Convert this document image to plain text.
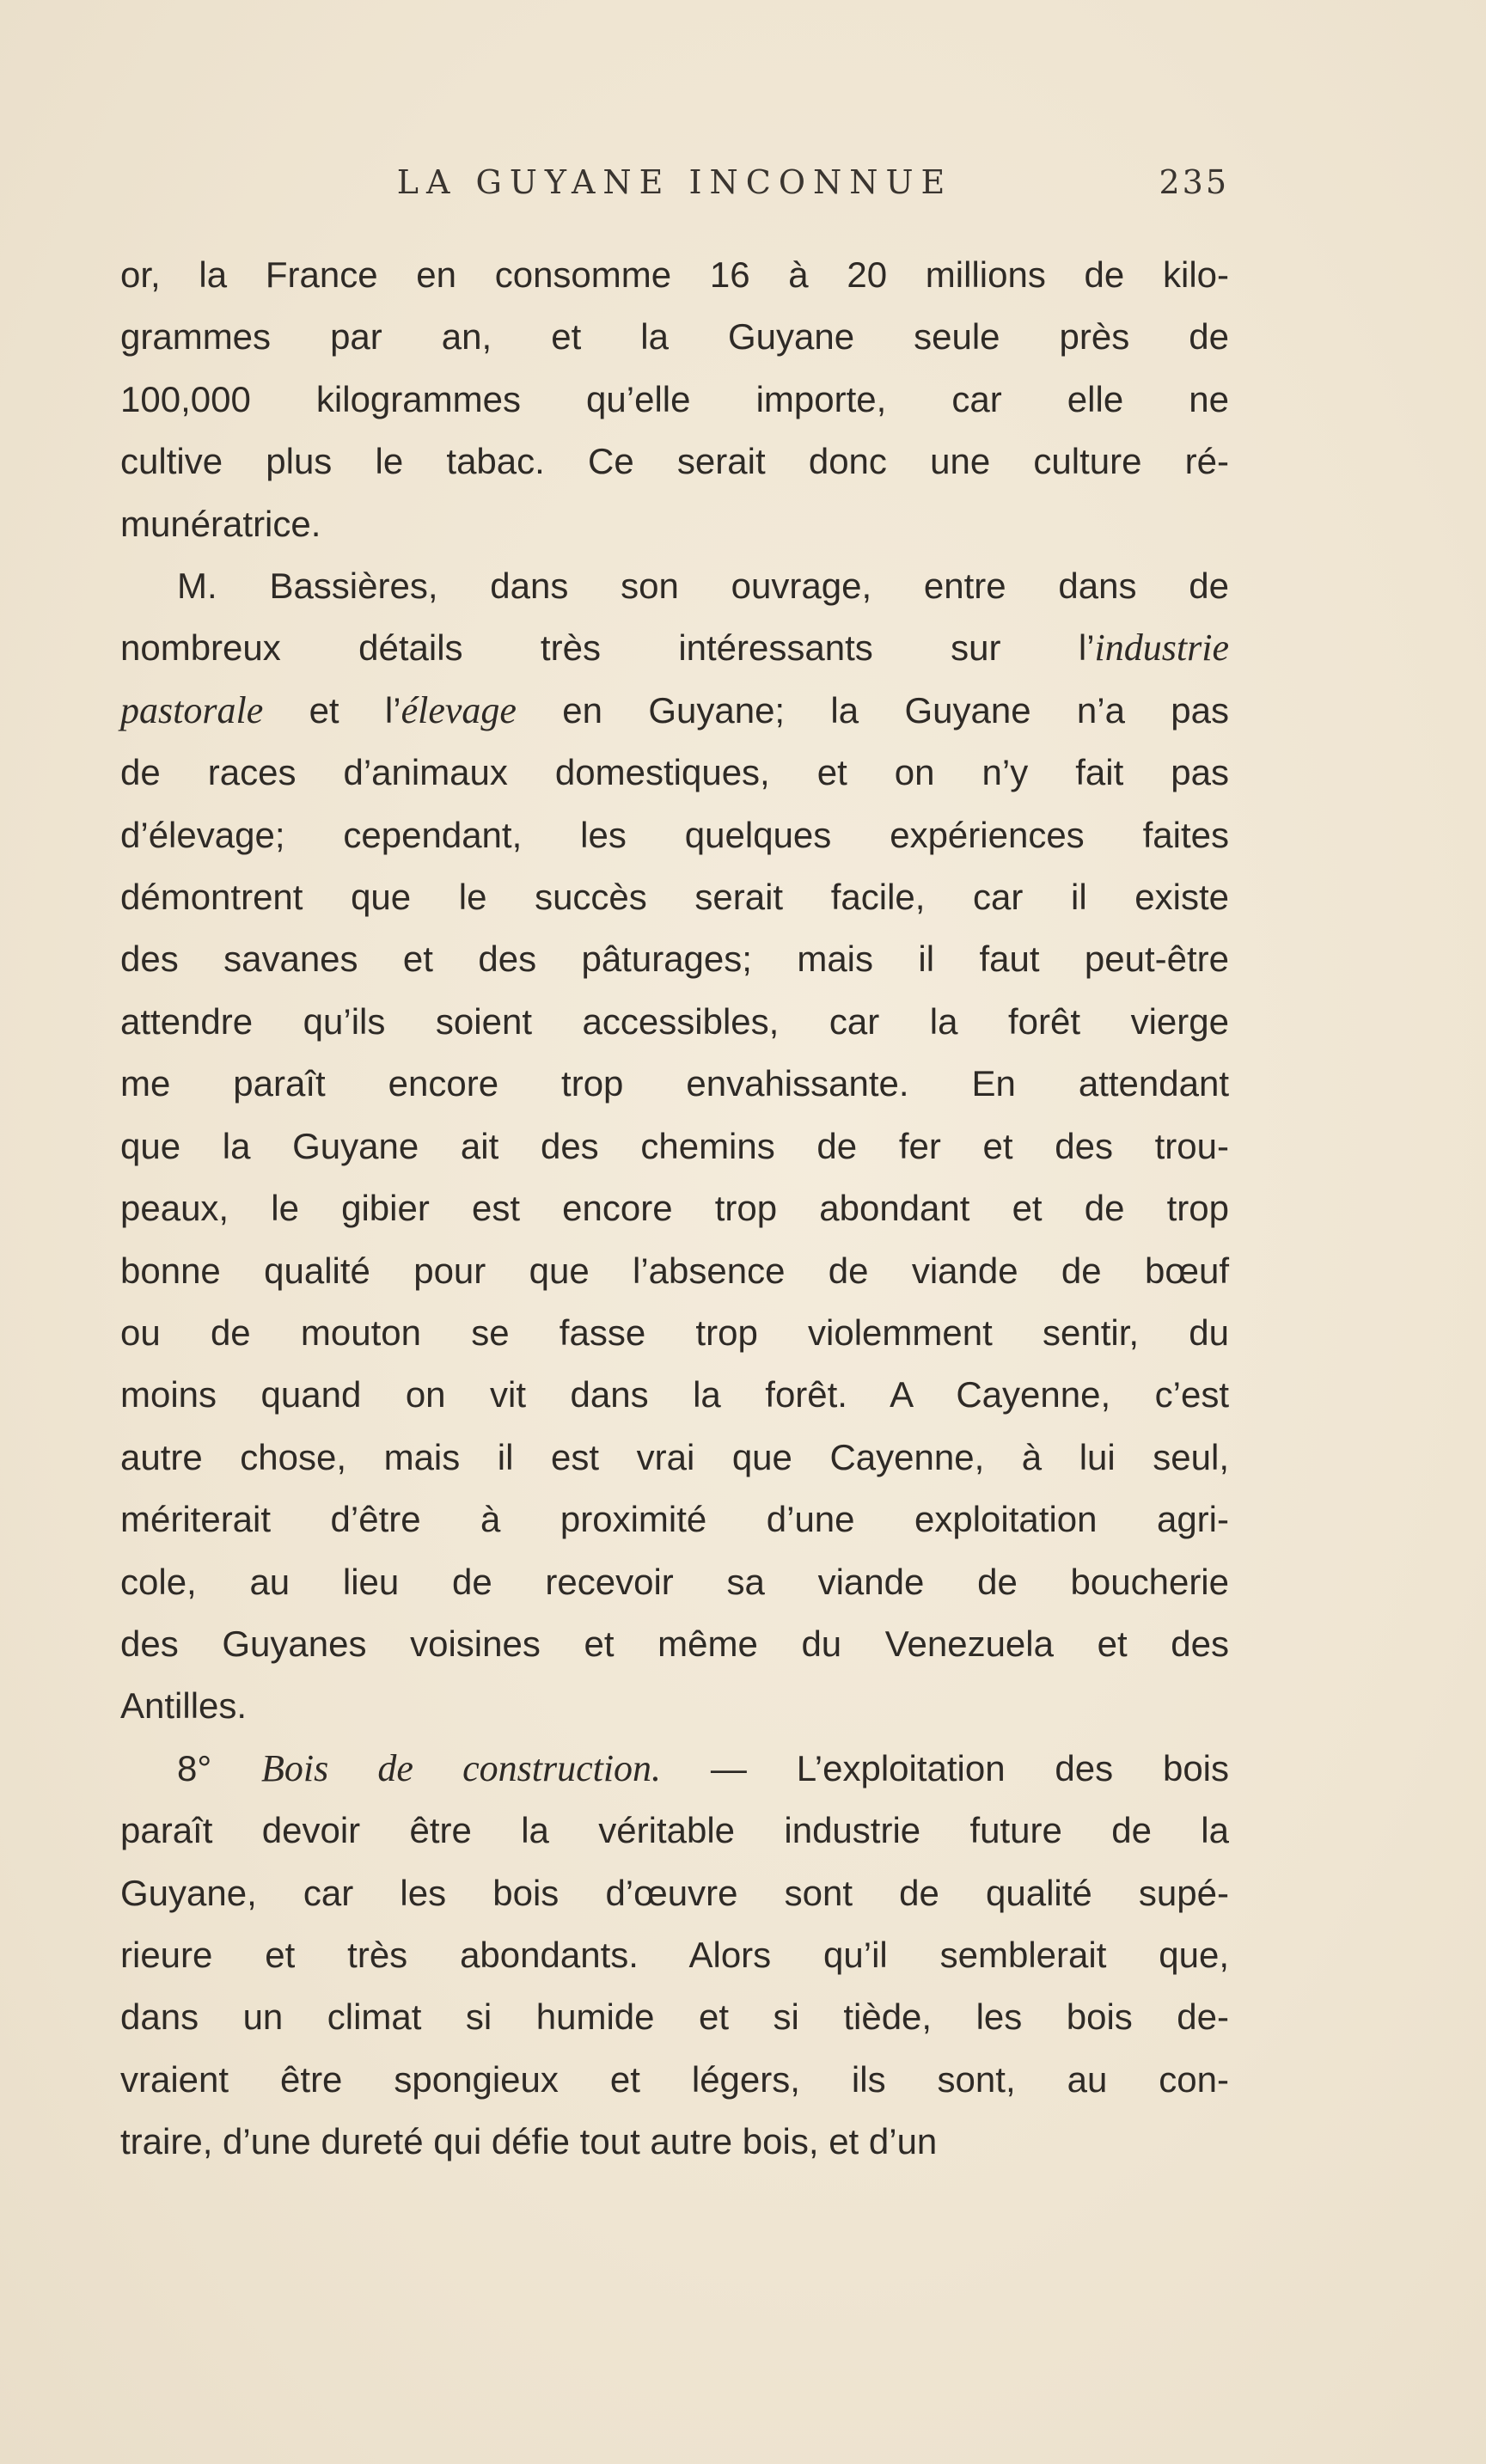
LA GUYANE INCONNUE	235

or, la France en consomme 16 à 20 millions de kilo-

grammes par an, et la Guyane seule près de

100,000 kilogrammes qu’elle importe, car elle ne

cultive plus le tabac. Ce serait donc une culture ré-

munératrice.

M. Bassières, dans son ouvrage, entre dans de

nombreux détails très intéressants sur l’industrie

pastorale et l’élevage en Guyane; la Guyane n’a pas

de races d’animaux domestiques, et on n’y fait pas

d’élevage; cependant, les quelques expériences faites

démontrent que le succès serait facile, car il existe

des savanes et des pâturages; mais il faut peut-être

attendre qu’ils soient accessibles, car la forêt vierge

me paraît encore trop envahissante. En attendant

que la Guyane ait des chemins de fer et des trou-

peaux, le gibier est encore trop abondant et de trop

bonne qualité pour que l’absence de viande de bœuf

ou de mouton se fasse trop violemment sentir, du

moins quand on vit dans la forêt. A Cayenne, c’est

autre chose, mais il est vrai que Cayenne, à lui seul,

mériterait d’être à proximité d’une exploitation agri-

cole, au lieu de recevoir sa viande de boucherie

des Guyanes voisines et même du Venezuela et des

Antilles.

8° Bois de construction. — L’exploitation des bois

paraît devoir être la véritable industrie future de la

Guyane, car les bois d’œuvre sont de qualité supé-

rieure et très abondants. Alors qu’il semblerait que,

dans un climat si humide et si tiède, les bois de-

vraient être spongieux et légers, ils sont, au con-

traire, d’une dureté qui défie tout autre bois, et d’un
